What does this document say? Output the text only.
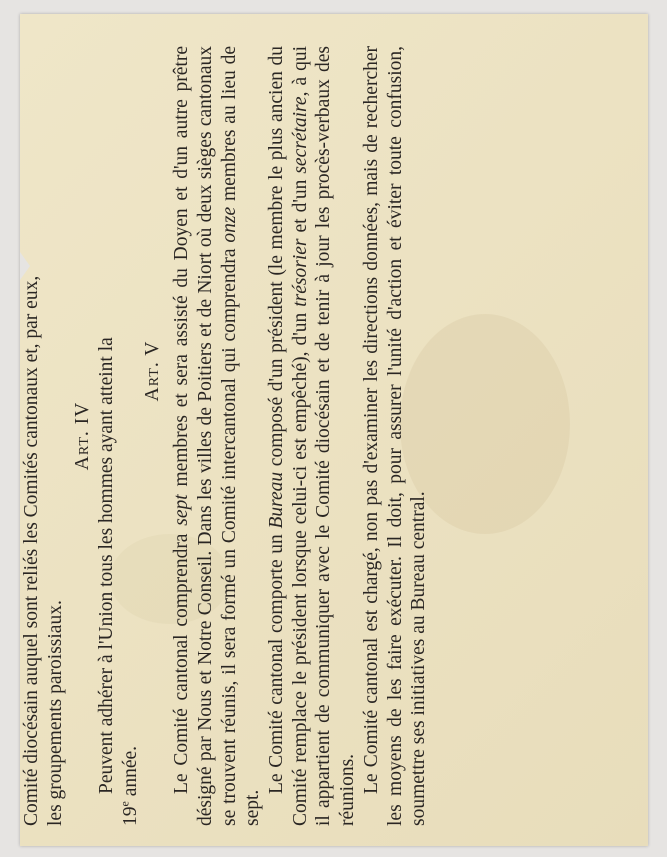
Comité diocésain auquel sont reliés les Comités cantonaux et, par eux, les groupements paroissiaux.

Art. IV Peuvent adhérer à l'Union tous les hommes ayant atteint la
19e année.

Art. V

Le Comité cantonal comprendra sept membres et sera assisté du Doyen et d'un autre prêtre désigné par Nous et Notre Conseil. Dans les villes de Poitiers et de Niort où deux sièges cantonaux se trouvent réunis, il sera formé un Comité intercantonal qui comprendra onze membres au lieu de sept.

Le Comité cantonal comporte un Bureau composé d'un président (le membre le plus ancien du Comité remplace le président lorsque celui-ci est empêché), d'un trésorier et d'un secrétaire, à qui il appartient de communiquer avec le Comité diocésain et de tenir à jour les procès-verbaux des réunions. Le Comité cantonal est chargé, non pas d'examiner les directions données, mais de rechercher les moyens de les faire exécuter. Il doit, pour assurer l'unité d'action et éviter toute confusion, soumettre ses initiatives au Bureau central.
